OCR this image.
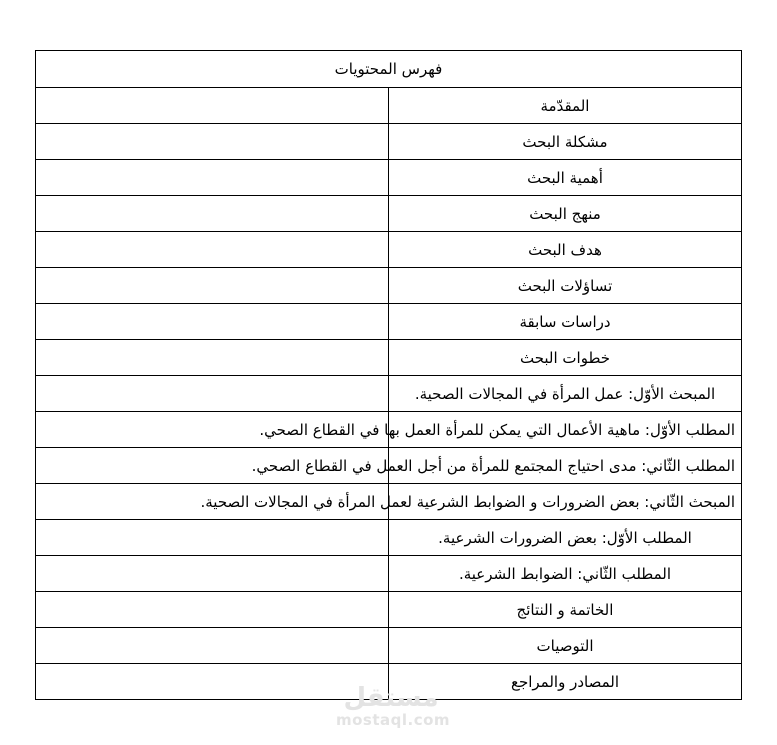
فهرس المحتويات	
المقدّمة	
مشكلة البحث	
أهمية البحث	
منهج البحث	
هدف البحث	
تساؤلات البحث	
دراسات سابقة	
خطوات البحث	
المبحث الأوّل: عمل المرأة في المجالات الصحية.	
المطلب الأوّل: ماهية الأعمال التي يمكن للمرأة العمل بها في القطاع الصحي.	
المطلب الثّاني: مدى احتياج المجتمع للمرأة من أجل العمل في القطاع الصحي.	
المبحث الثّاني: بعض الضرورات و الضوابط الشرعية لعمل المرأة في المجالات الصحية.	
المطلب الأوّل: بعض الضرورات الشرعية.	
المطلب الثّاني: الضوابط الشرعية.	
الخاتمة و النتائج	
التوصيات	
المصادر والمراجع	
مستقل
mostaql.com
